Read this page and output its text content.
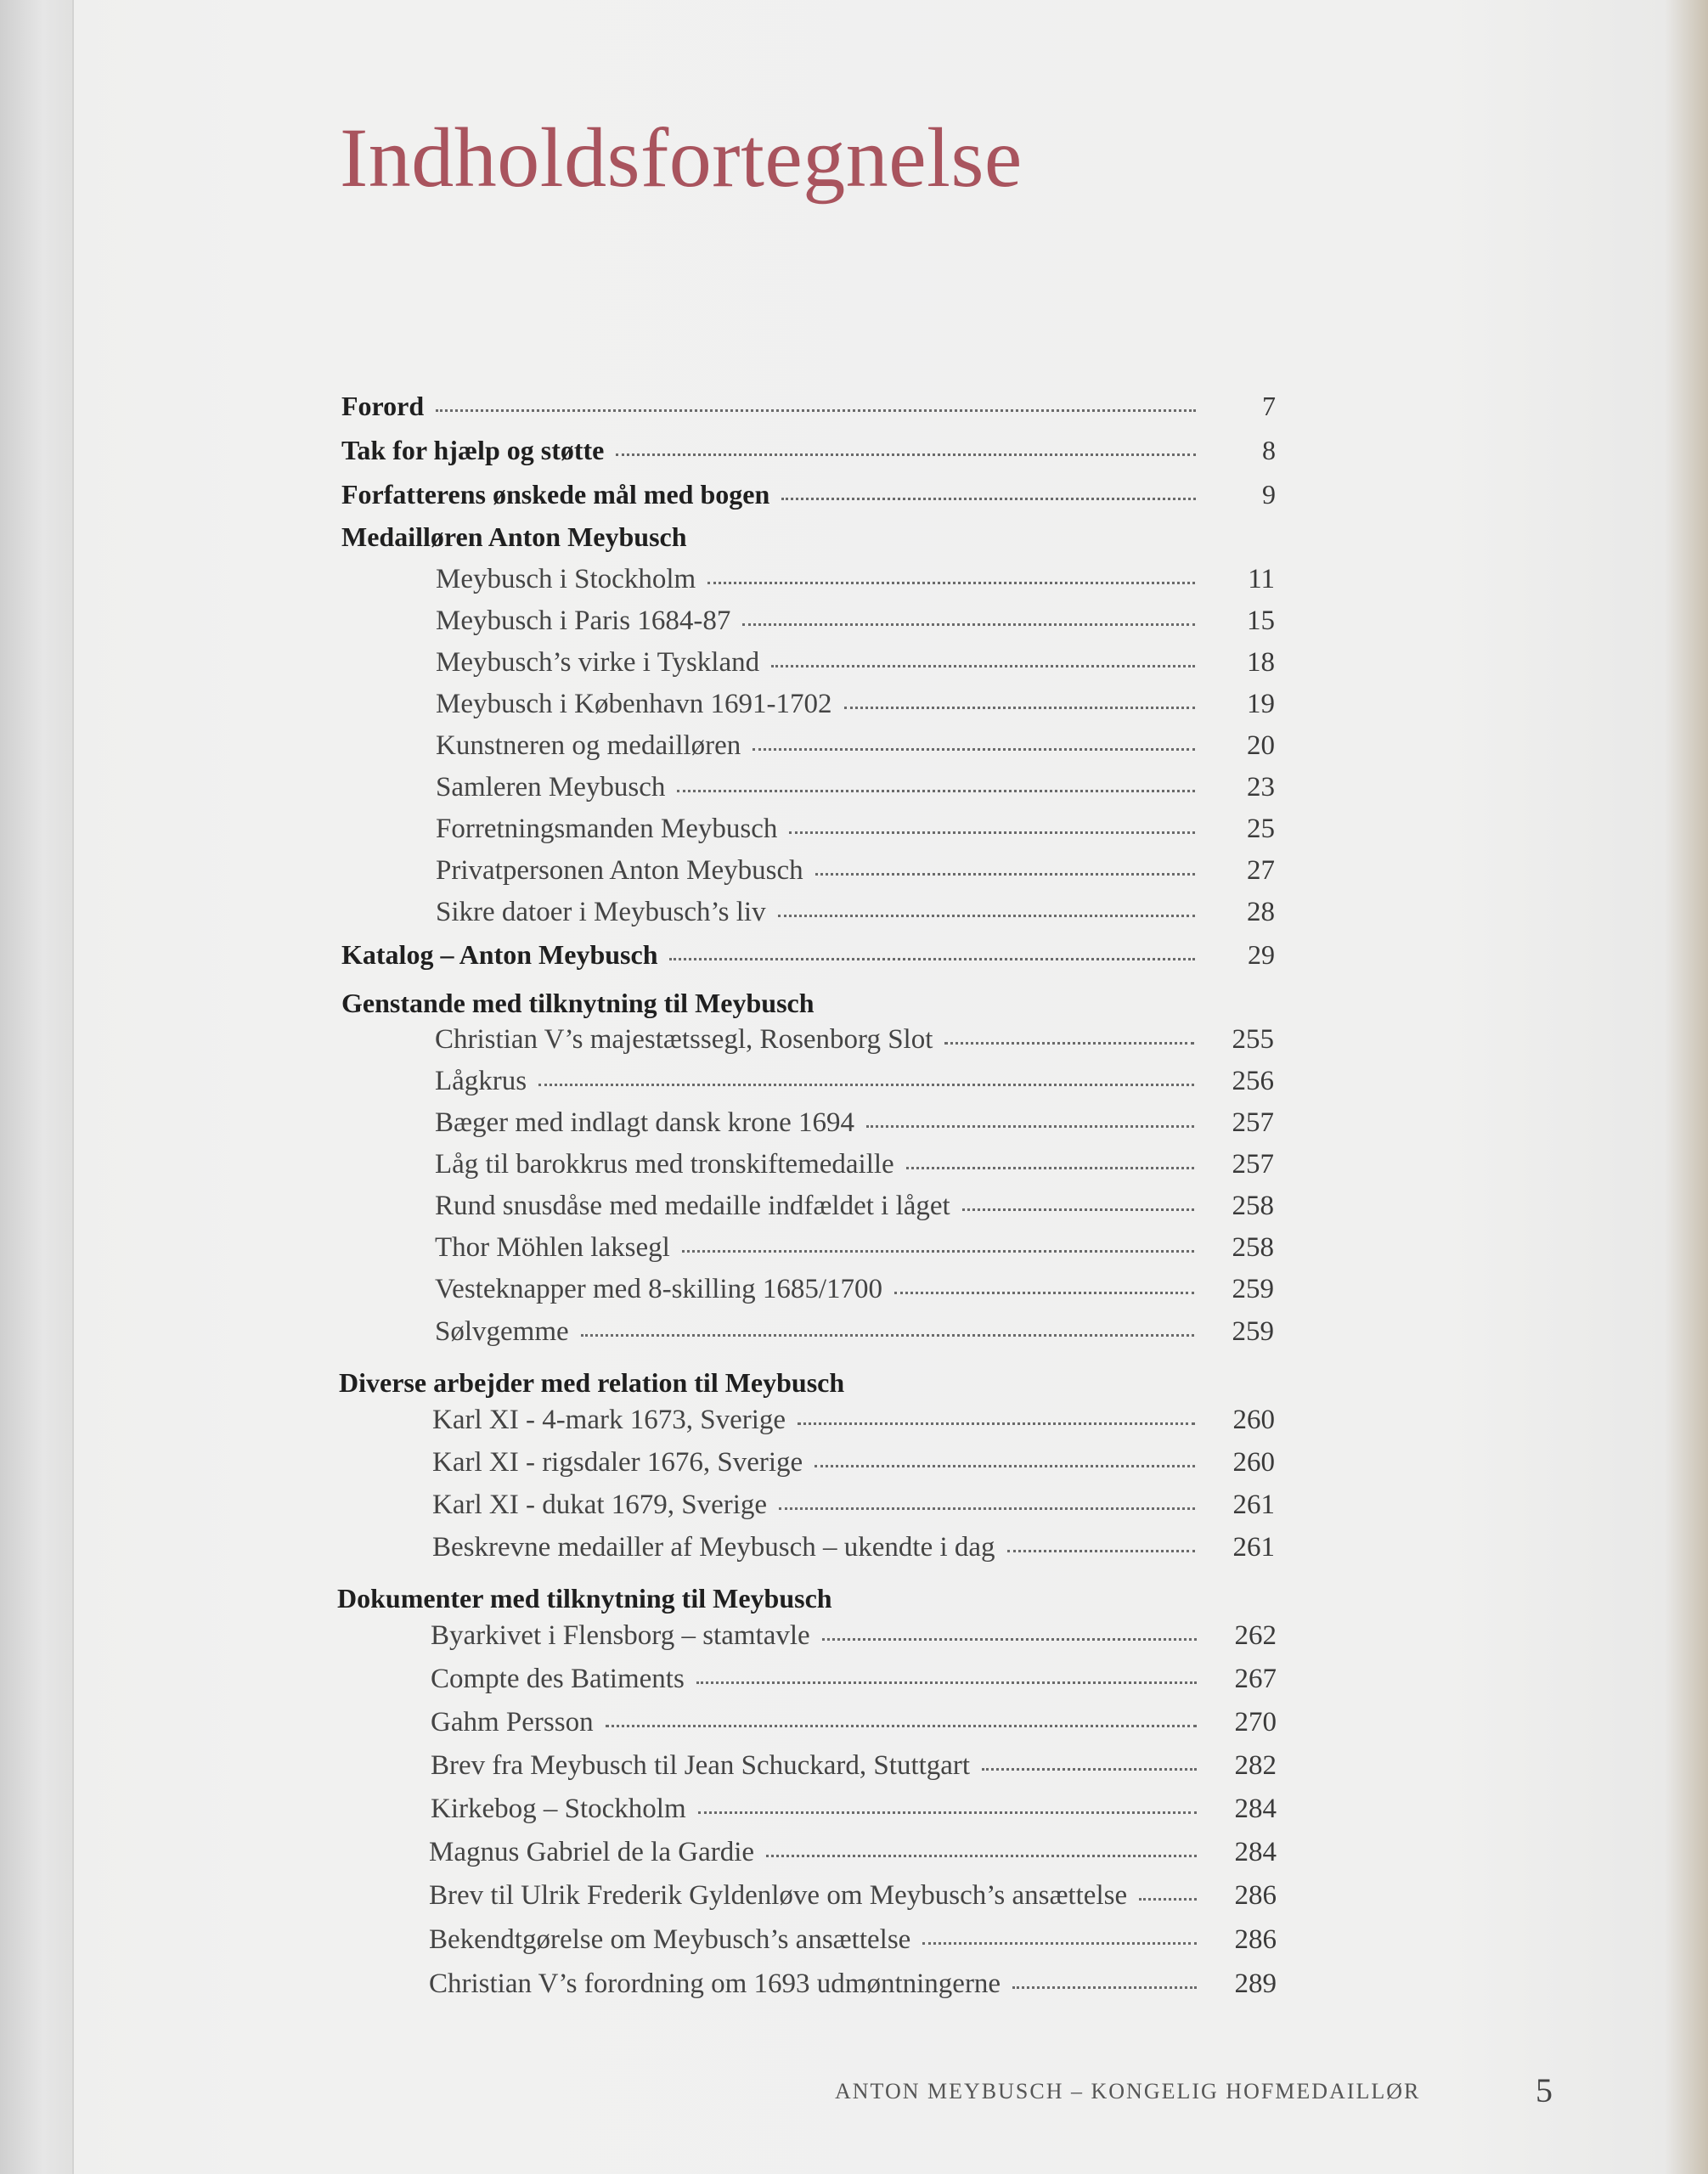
Indholdsfortegnelse
Forord	7
Tak for hjælp og støtte	8
Forfatterens ønskede mål med bogen	9
Medailløren Anton Meybusch
Meybusch i Stockholm	11
Meybusch i Paris 1684-87	15
Meybusch’s virke i Tyskland	18
Meybusch i København 1691-1702	19
Kunstneren og medailløren	20
Samleren Meybusch	23
Forretningsmanden Meybusch	25
Privatpersonen Anton Meybusch	27
Sikre datoer i Meybusch’s liv	28
Katalog – Anton Meybusch	29
Genstande med tilknytning til Meybusch
Christian V’s majestætssegl, Rosenborg Slot	255
Lågkrus	256
Bæger med indlagt dansk krone 1694	257
Låg til barokkrus med tronskiftemedaille	257
Rund snusdåse med medaille indfældet i låget	258
Thor Möhlen laksegl	258
Vesteknapper med 8-skilling 1685/1700	259
Sølvgemme	259
Diverse arbejder med relation til Meybusch
Karl XI - 4-mark 1673, Sverige	260
Karl XI - rigsdaler 1676, Sverige	260
Karl XI - dukat 1679, Sverige	261
Beskrevne medailler af Meybusch – ukendte i dag	261
Dokumenter med tilknytning til Meybusch
Byarkivet i Flensborg – stamtavle	262
Compte des Batiments	267
Gahm Persson	270
Brev fra Meybusch til Jean Schuckard, Stuttgart	282
Kirkebog – Stockholm	284
Magnus Gabriel de la Gardie	284
Brev til Ulrik Frederik Gyldenløve om Meybusch’s ansættelse	286
Bekendtgørelse om Meybusch’s ansættelse	286
Christian V’s forordning om 1693 udmøntningerne	289
ANTON MEYBUSCH – KONGELIG HOFMEDAILLØR	5
